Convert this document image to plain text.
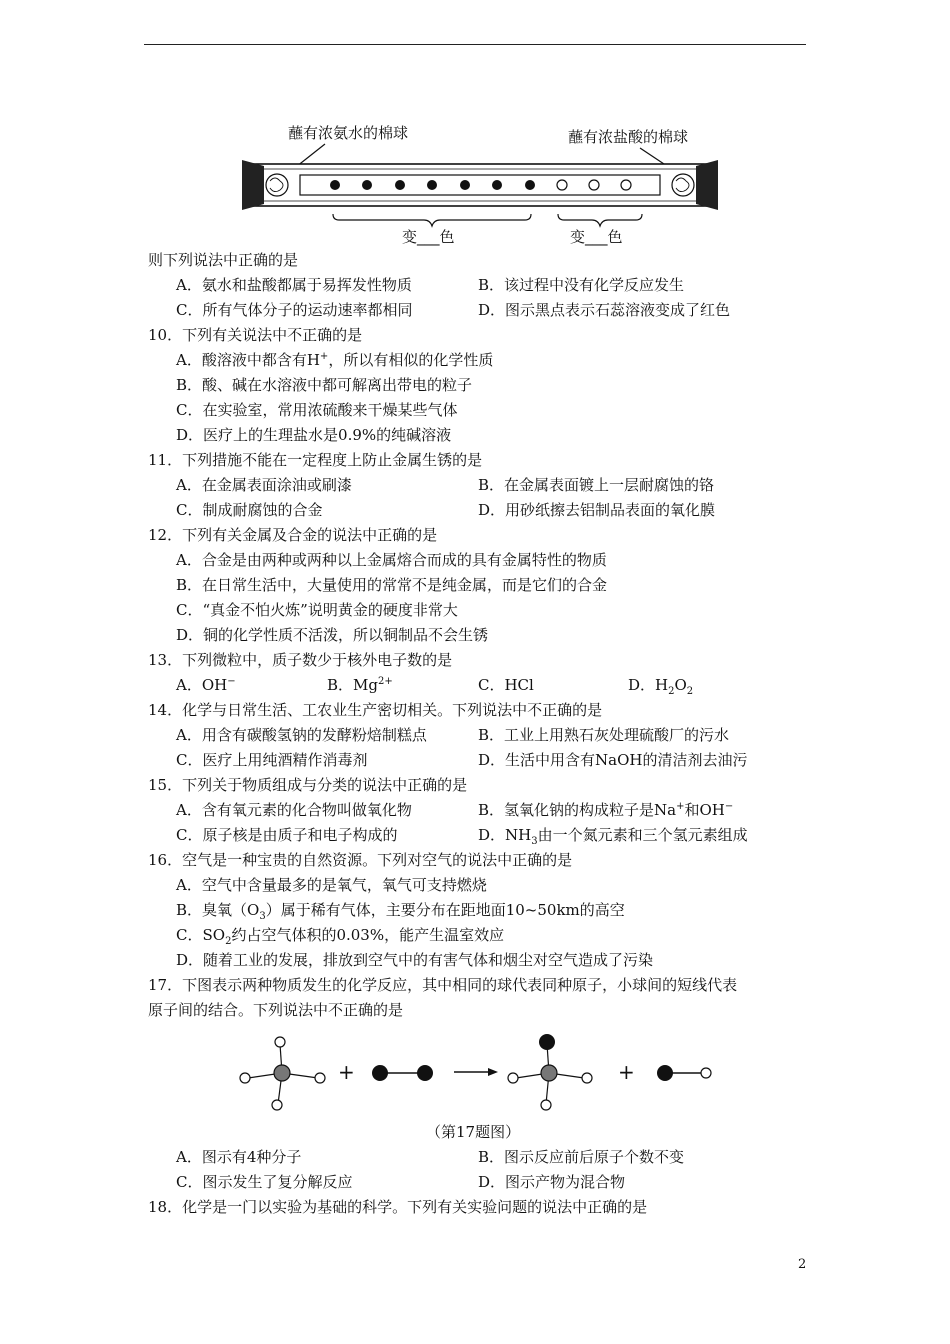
蘸有浓氨水的棉球	蘸有浓盐酸的棉球
变___色	变___色
则下列说法中正确的是
A．氨水和盐酸都属于易挥发性物质	B．该过程中没有化学反应发生
C．所有气体分子的运动速率都相同	D．图示黑点表示石蕊溶液变成了红色
10．下列有关说法中不正确的是
A．酸溶液中都含有H+，所以有相似的化学性质
B．酸、碱在水溶液中都可解离出带电的粒子
C．在实验室，常用浓硫酸来干燥某些气体
D．医疗上的生理盐水是0.9%的纯碱溶液
11．下列措施不能在一定程度上防止金属生锈的是
A．在金属表面涂油或刷漆	B．在金属表面镀上一层耐腐蚀的铬
C．制成耐腐蚀的合金	D．用砂纸擦去铝制品表面的氧化膜
12．下列有关金属及合金的说法中正确的是
A．合金是由两种或两种以上金属熔合而成的具有金属特性的物质
B．在日常生活中，大量使用的常常不是纯金属，而是它们的合金
C．“真金不怕火炼”说明黄金的硬度非常大
D．铜的化学性质不活泼，所以铜制品不会生锈
13．下列微粒中，质子数少于核外电子数的是
A．OH−	B．$Mg^{2+}$	C．HCl	D．$H_2O_2$
14．化学与日常生活、工农业生产密切相关。下列说法中不正确的是
A．用含有碳酸氢钠的发酵粉焙制糕点	B．工业上用熟石灰处理硫酸厂的污水
C．医疗上用纯酒精作消毒剂	D．生活中用含有NaOH的清洁剂去油污
15．下列关于物质组成与分类的说法中正确的是
A．含有氧元素的化合物叫做氧化物	B．氢氧化钠的构成粒子是Na+和OH−
C．原子核是由质子和电子构成的	D．$NH_3$由一个氮元素和三个氢元素组成
16．空气是一种宝贵的自然资源。下列对空气的说法中正确的是
A．空气中含量最多的是氧气，氧气可支持燃烧
B．臭氧$(O_3)$属于稀有气体，主要分布在距地面10~50km的高空
C．$SO_2$约占空气体积的0.03%，能产生温室效应
D．随着工业的发展，排放到空气中的有害气体和烟尘对空气造成了污染
17．下图表示两种物质发生的化学反应，其中相同的球代表同种原子，小球间的短线代表
原子间的结合。下列说法中不正确的是
+	+
（第17题图）
A．图示有4种分子	B．图示反应前后原子个数不变
C．图示发生了复分解反应	D．图示产物为混合物
18．化学是一门以实验为基础的科学。下列有关实验问题的说法中正确的是
2
